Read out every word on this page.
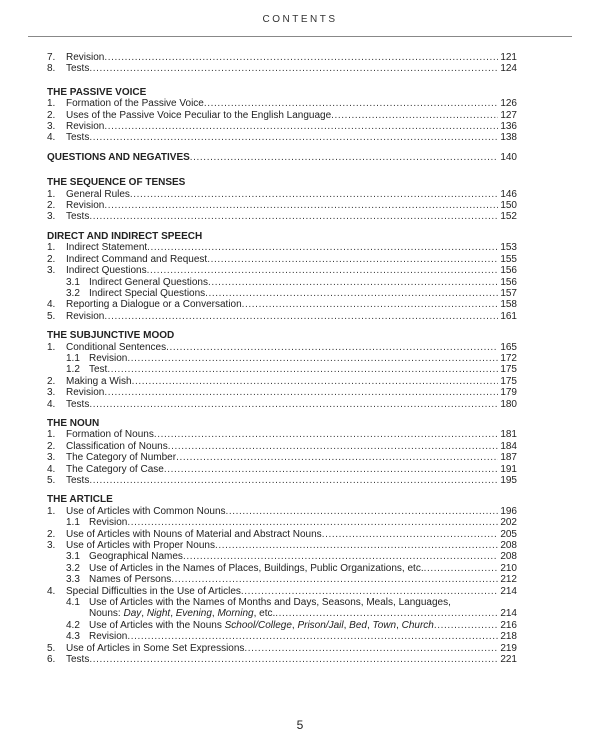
CONTENTS
7.	Revision .....	121
8.	Tests .....	124
THE PASSIVE VOICE
1.	Formation of the Passive Voice .....	126
2.	Uses of the Passive Voice Peculiar to the English Language .....	127
3.	Revision .....	136
4.	Tests .....	138
QUESTIONS AND NEGATIVES .....	140
THE SEQUENCE OF TENSES
1.	General Rules .....	146
2.	Revision .....	150
3.	Tests .....	152
DIRECT AND INDIRECT SPEECH
1.	Indirect Statement .....	153
2.	Indirect Command and Request .....	155
3.	Indirect Questions .....	156
3.1 Indirect General Questions .....	156
3.2 Indirect Special Questions .....	157
4.	Reporting a Dialogue or a Conversation .....	158
5.	Revision .....	161
THE SUBJUNCTIVE MOOD
1.	Conditional Sentences .....	165
1.1 Revision .....	172
1.2 Test .....	175
2.	Making a Wish .....	175
3.	Revision .....	179
4.	Tests .....	180
THE NOUN
1.	Formation of Nouns .....	181
2.	Classification of Nouns .....	184
3.	The Category of Number .....	187
4.	The Category of Case .....	191
5.	Tests .....	195
THE ARTICLE
1.	Use of Articles with Common Nouns .....	196
1.1 Revision .....	202
2.	Use of Articles with Nouns of Material and Abstract Nouns .....	205
3.	Use of Articles with Proper Nouns .....	208
3.1 Geographical Names .....	208
3.2 Use of Articles in the Names of Places, Buildings, Public Organizations, etc. .....	210
3.3 Names of Persons .....	212
4.	Special Difficulties in the Use of Articles .....	214
4.1 Use of Articles with the Names of Months and Days, Seasons, Meals, Languages,
Nouns: Day, Night, Evening, Morning, etc. .....	214
4.2 Use of Articles with the Nouns School/College, Prison/Jail, Bed, Town, Church .....	216
4.3 Revision .....	218
5.	Use of Articles in Some Set Expressions .....	219
6.	Tests .....	221
5
